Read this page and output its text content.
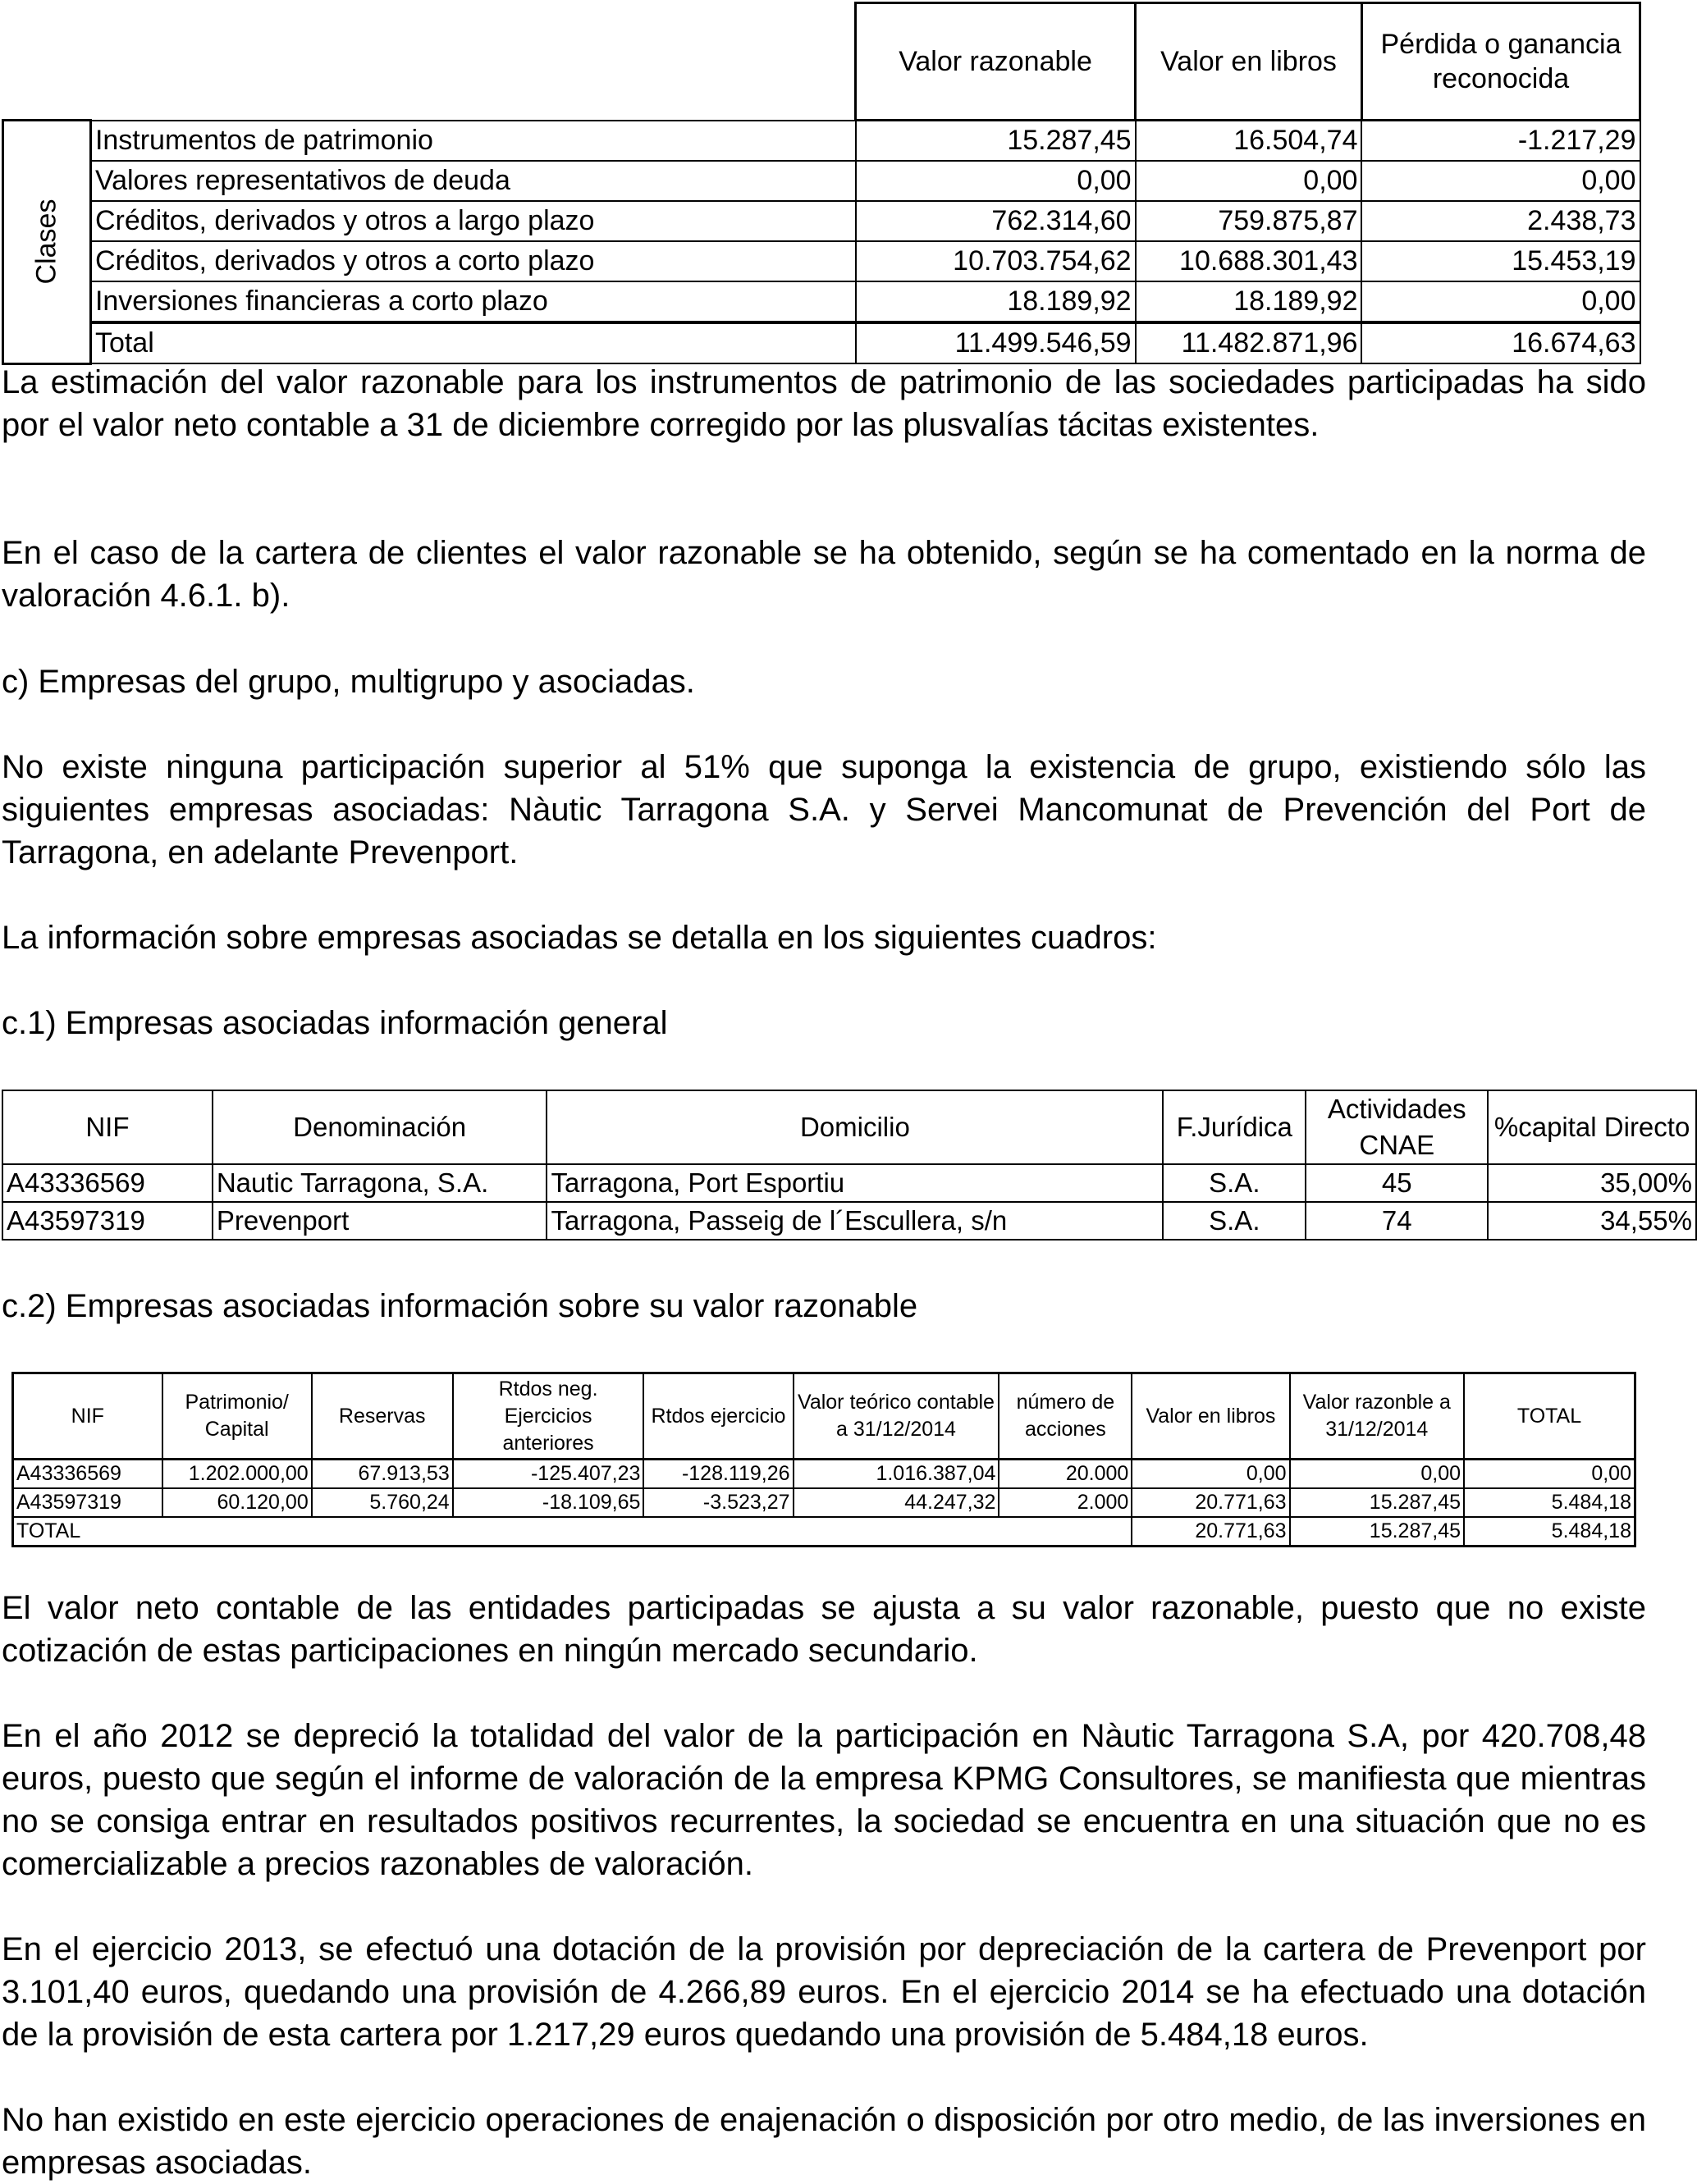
		Valor razonable	Valor en libros	Pérdida o ganancia reconocida
Clases	Instrumentos de patrimonio	15.287,45	16.504,74	-1.217,29
	Valores representativos de deuda	0,00	0,00	0,00
	Créditos, derivados y otros a largo plazo	762.314,60	759.875,87	2.438,73
	Créditos, derivados y otros a corto plazo	10.703.754,62	10.688.301,43	15.453,19
	Inversiones financieras a corto plazo	18.189,92	18.189,92	0,00
	Total	11.499.546,59	11.482.871,96	16.674,63

La estimación del valor razonable para los instrumentos de patrimonio de las sociedades participadas ha sido por el valor neto contable a 31 de diciembre corregido por las plusvalías tácitas existentes.

En el caso de la cartera de clientes el valor razonable se ha obtenido, según se ha comentado en la norma de valoración 4.6.1. b).

c) Empresas del grupo, multigrupo y asociadas.

No existe ninguna participación superior al 51% que suponga la existencia de grupo, existiendo sólo las siguientes empresas asociadas: Nàutic Tarragona S.A. y Servei Mancomunat de Prevención del Port de Tarragona, en adelante Prevenport.

La información sobre empresas asociadas se detalla en los siguientes cuadros:

c.1) Empresas asociadas información general

NIF	Denominación	Domicilio	F.Jurídica	Actividades CNAE	%capital Directo
A43336569	Nautic Tarragona, S.A.	Tarragona, Port Esportiu	S.A.	45	35,00%
A43597319	Prevenport	Tarragona, Passeig de l´Escullera, s/n	S.A.	74	34,55%

c.2) Empresas asociadas información sobre su valor razonable

NIF	Patrimonio/ Capital	Reservas	Rtdos neg. Ejercicios anteriores	Rtdos ejercicio	Valor teórico contable a 31/12/2014	número de acciones	Valor en libros	Valor razonble a 31/12/2014	TOTAL
A43336569	1.202.000,00	67.913,53	-125.407,23	-128.119,26	1.016.387,04	20.000	0,00	0,00	0,00
A43597319	60.120,00	5.760,24	-18.109,65	-3.523,27	44.247,32	2.000	20.771,63	15.287,45	5.484,18
TOTAL							20.771,63	15.287,45	5.484,18

El valor neto contable de las entidades participadas se ajusta a su valor razonable, puesto que no existe cotización de estas participaciones en ningún mercado secundario.

En el año 2012 se depreció la totalidad del valor de la participación en Nàutic Tarragona S.A, por 420.708,48 euros, puesto que según el informe de valoración de la empresa KPMG Consultores, se manifiesta que mientras no se consiga entrar en resultados positivos recurrentes, la sociedad se encuentra en una situación que no es comercializable a precios razonables de valoración.

En el ejercicio 2013, se efectuó una dotación de la provisión por depreciación de la cartera de Prevenport por 3.101,40 euros, quedando una provisión de 4.266,89 euros. En el ejercicio 2014 se ha efectuado una dotación de la provisión de esta cartera por 1.217,29 euros quedando una provisión de 5.484,18 euros.

No han existido en este ejercicio operaciones de enajenación o disposición por otro medio, de las inversiones en empresas asociadas.
